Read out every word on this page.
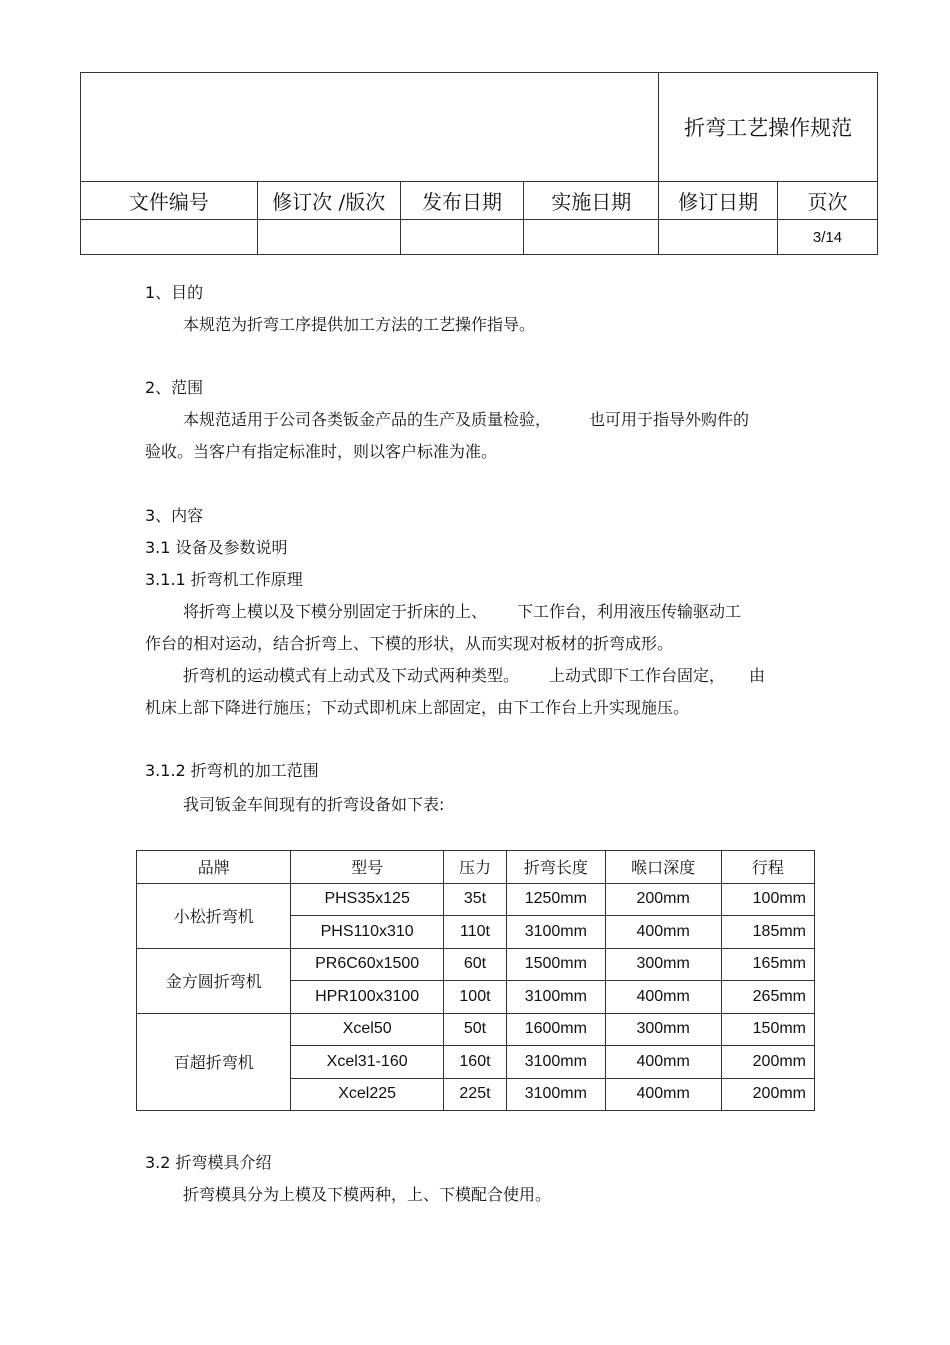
				折弯工艺操作规范	
文件编号	修订次 /版次	发布日期	实施日期	修订日期	页次
					3/14
1、目的
本规范为折弯工序提供加工方法的工艺操作指导。
2、范围
本规范适用于公司各类钣金产品的生产及质量检验， 也可用于指导外购件的
验收。当客户有指定标准时，则以客户标准为准。
3、内容
3.1 设备及参数说明
3.1.1 折弯机工作原理
将折弯上模以及下模分别固定于折床的上、 下工作台，利用液压传输驱动工
作台的相对运动，结合折弯上、下模的形状，从而实现对板材的折弯成形。
折弯机的运动模式有上动式及下动式两种类型。 上动式即下工作台固定， 由
机床上部下降进行施压；下动式即机床上部固定，由下工作台上升实现施压。
3.1.2 折弯机的加工范围
我司钣金车间现有的折弯设备如下表:
品牌	型号	压力	折弯长度	喉口深度	行程
小松折弯机	PHS35x125	35t	1250mm	200mm	100mm
	PHS110x310	110t	3100mm	400mm	185mm
金方圆折弯机	PR6C60x1500	60t	1500mm	300mm	165mm
	HPR100x3100	100t	3100mm	400mm	265mm
百超折弯机	Xcel50	50t	1600mm	300mm	150mm
	Xcel31-160	160t	3100mm	400mm	200mm
	Xcel225	225t	3100mm	400mm	200mm
3.2 折弯模具介绍
折弯模具分为上模及下模两种，上、下模配合使用。
